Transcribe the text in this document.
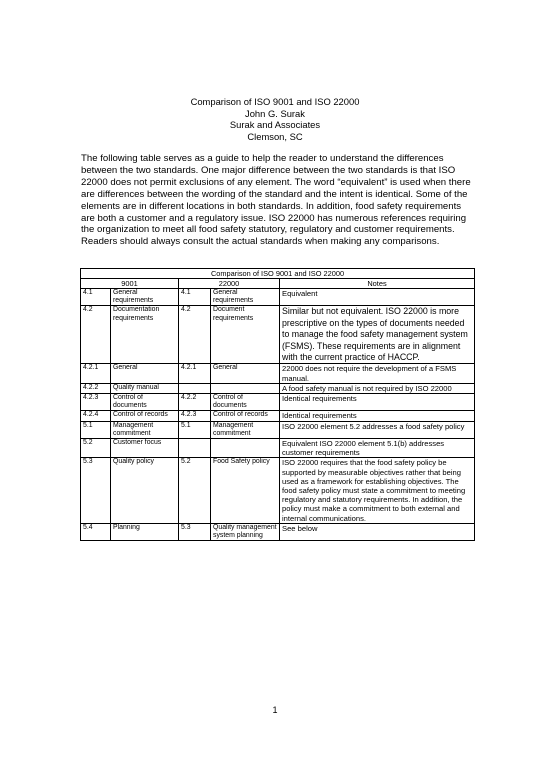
Comparison of ISO 9001 and ISO 22000
John G. Surak
Surak and Associates
Clemson, SC

The following table serves as a guide to help the reader to understand the differences between the two standards. One major difference between the two standards is that ISO 22000 does not permit exclusions of any element. The word “equivalent” is used when there are differences between the wording of the standard and the intent is identical. Some of the elements are in different locations in both standards. In addition, food safety requirements are both a customer and a regulatory issue. ISO 22000 has numerous references requiring the organization to meet all food safety statutory, regulatory and customer requirements. Readers should always consult the actual standards when making any comparisons.

Comparison of ISO 9001 and ISO 22000				
9001		22000		Notes
4.1	General requirements	4.1	General requirements	Equivalent
4.2	Documentation requirements	4.2	Document requirements	Similar but not equivalent. ISO 22000 is more prescriptive on the types of documents needed to manage the food safety management system (FSMS). These requirements are in alignment with the current practice of HACCP.
4.2.1	General	4.2.1	General	22000 does not require the development of a FSMS manual.
4.2.2	Quality manual			A food safety manual is not required by ISO 22000
4.2.3	Control of documents	4.2.2	Control of documents	Identical requirements
4.2.4	Control of records	4.2.3	Control of records	Identical requirements
5.1	Management commitment	5.1	Management commitment	ISO 22000 element 5.2 addresses a food safety policy
5.2	Customer focus			Equivalent ISO 22000 element 5.1(b) addresses customer requirements
5.3	Quality policy	5.2	Food Safety policy	ISO 22000 requires that the food safety policy be supported by measurable objectives rather that being used as a framework for establishing objectives. The food safety policy must state a commitment to meeting regulatory and statutory requirements. In addition, the policy must make a commitment to both external and internal communications.
5.4	Planning	5.3	Quality management system planning	See below
1
